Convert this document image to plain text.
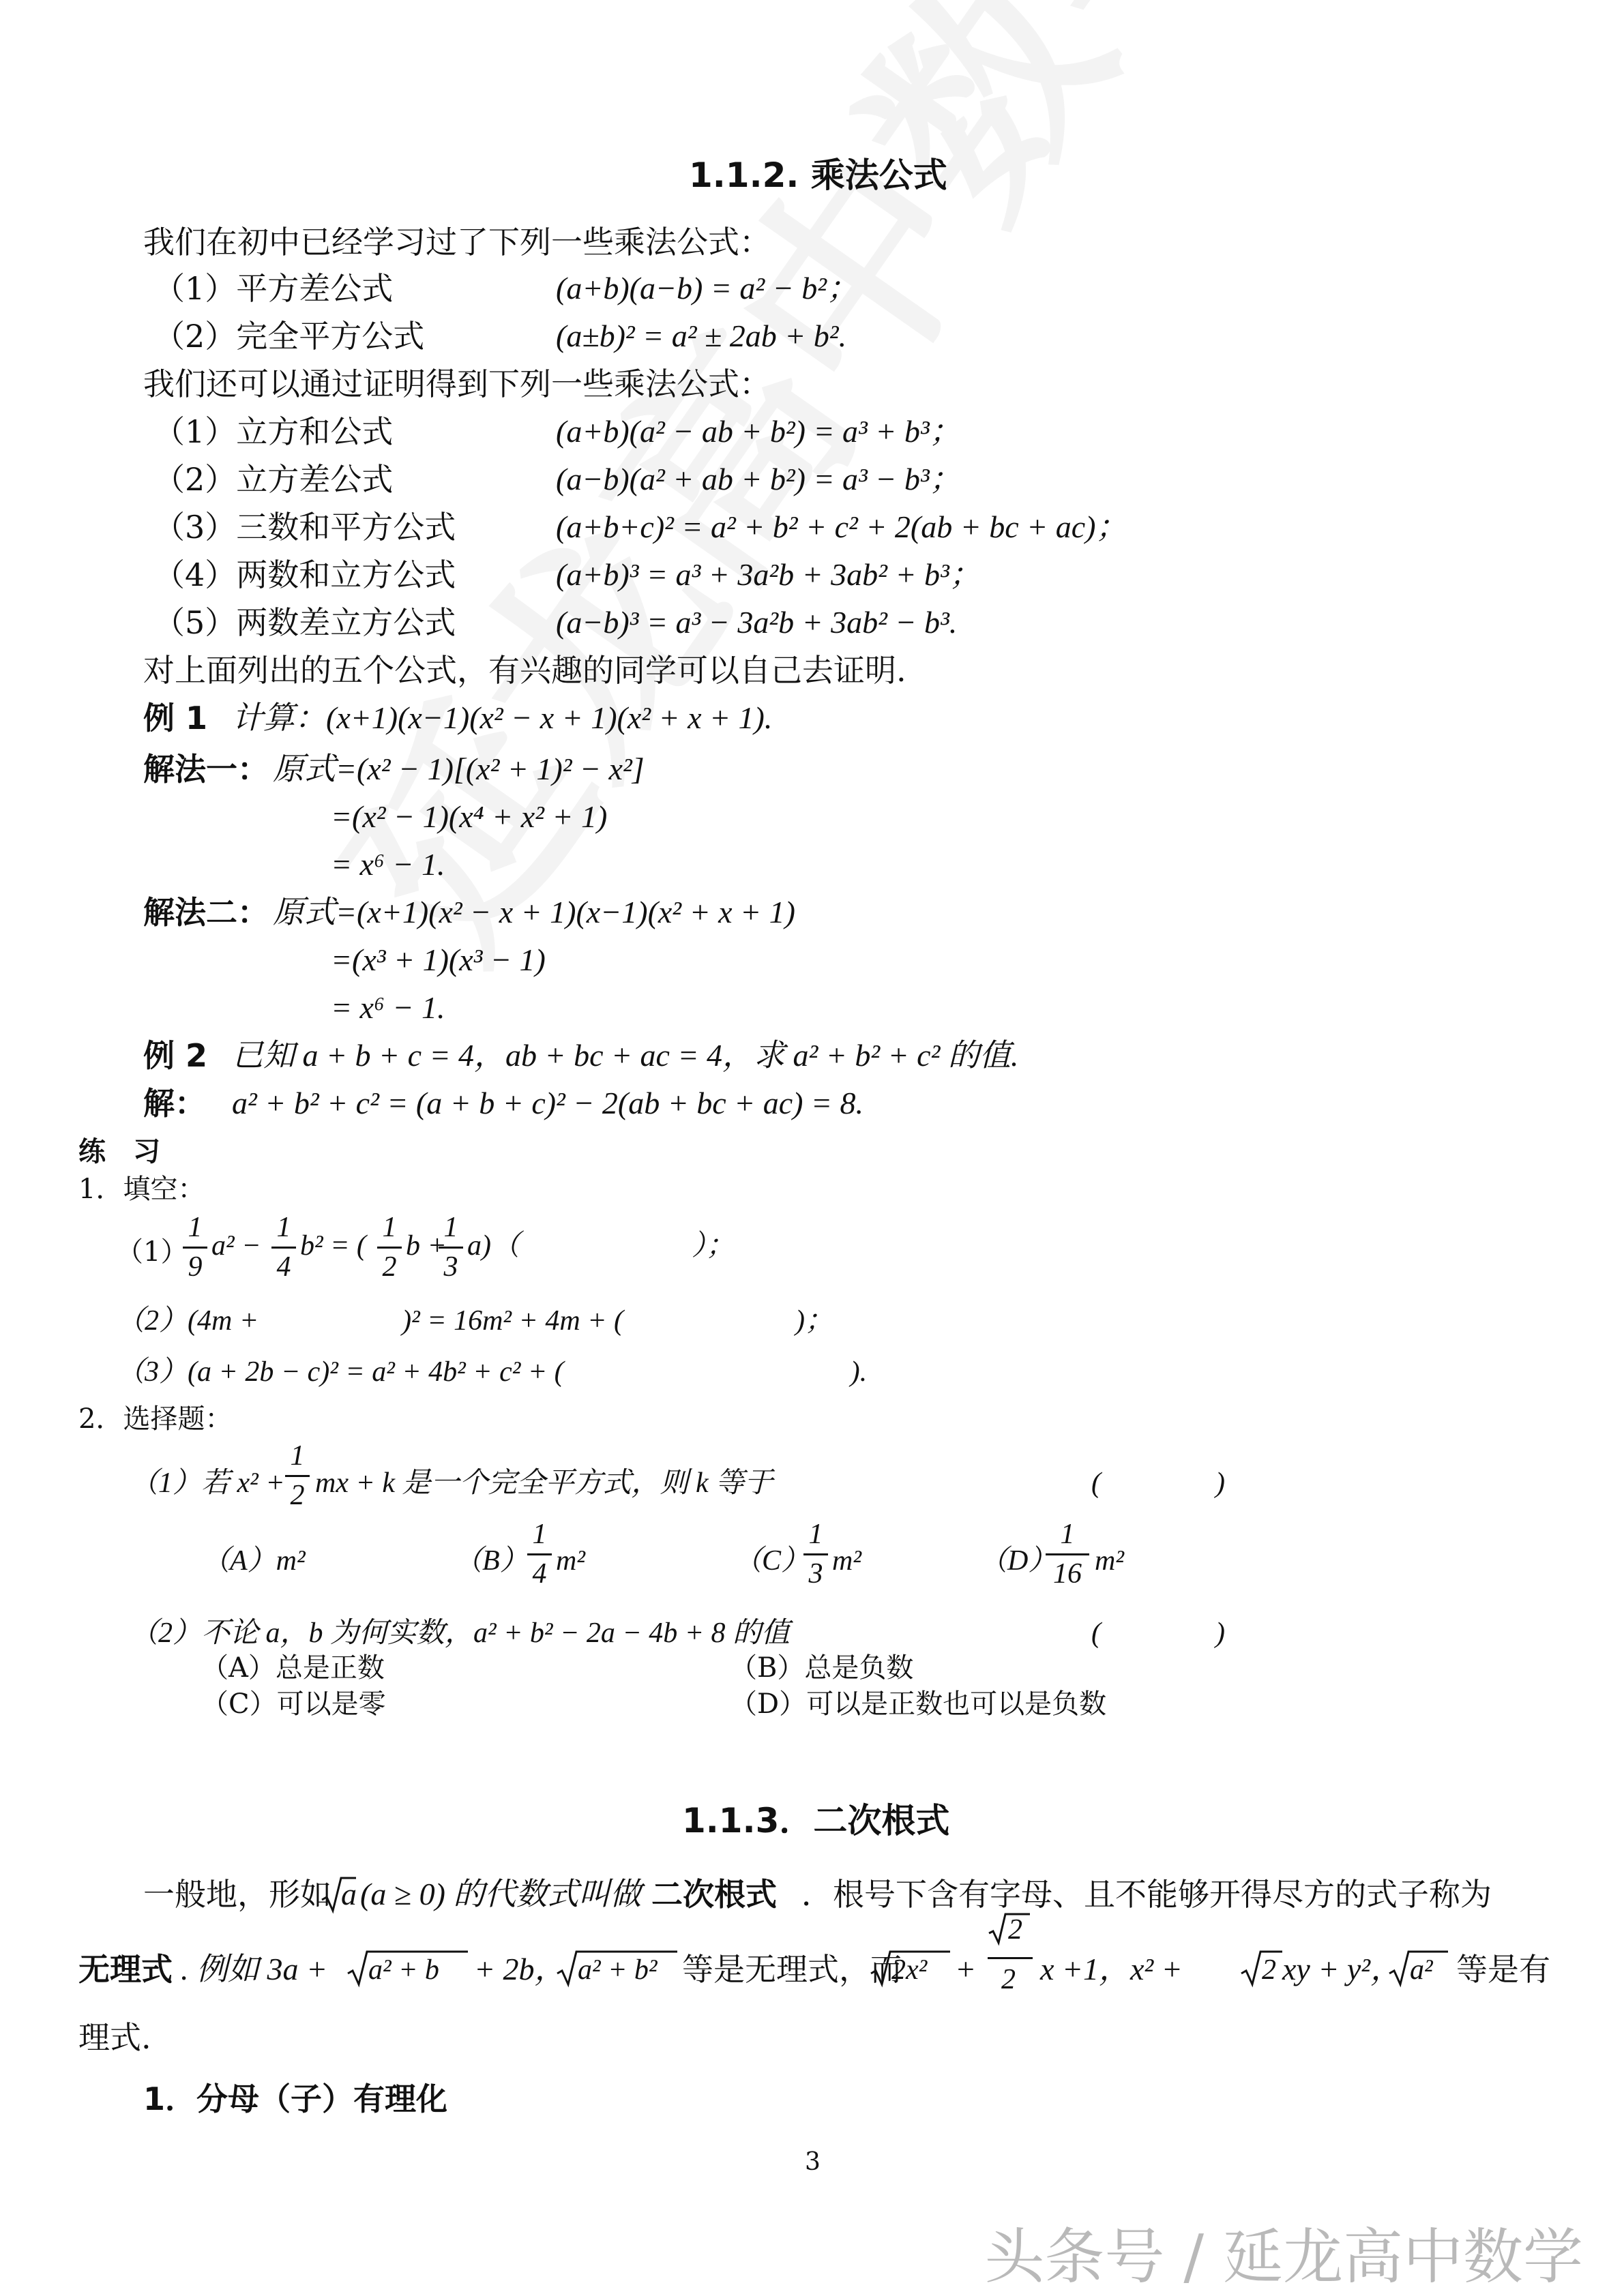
头条号 / 延龙高中数学
1.1.2. 乘法公式
我们在初中已经学习过了下列一些乘法公式：
（1）平方差公式	(a+b)(a−b) = a² − b²；
（2）完全平方公式	(a±b)² = a² ± 2ab + b².
我们还可以通过证明得到下列一些乘法公式：
（1）立方和公式	(a+b)(a² − ab + b²) = a³ + b³；
（2）立方差公式	(a−b)(a² + ab + b²) = a³ − b³；
（3）三数和平方公式	(a+b+c)² = a² + b² + c² + 2(ab + bc + ac)；
（4）两数和立方公式	(a+b)³ = a³ + 3a²b + 3ab² + b³；
（5）两数差立方公式	(a−b)³ = a³ − 3a²b + 3ab² − b³.
对上面列出的五个公式，有兴趣的同学可以自己去证明.
例 1 计算：(x+1)(x−1)(x² − x + 1)(x² + x + 1).
解法一： 原式=(x² − 1)[(x² + 1)² − x²]
=(x² − 1)(x⁴ + x² + 1)
= x⁶ − 1.
解法二： 原式=(x+1)(x² − x + 1)(x−1)(x² + x + 1)
=(x³ + 1)(x³ − 1)
= x⁶ − 1.
例 2 已知 a + b + c = 4，ab + bc + ac = 4，求 a² + b² + c² 的值.
解： a² + b² + c² = (a + b + c)² − 2(ab + bc + ac) = 8.
练　习
1．填空：
（1）
1
9
a² −
1
4
b² = (
1
2
b +
1
3
a)（　　　　　　）；
（2）(4m +　　　　　)² = 16m² + 4m + (　　　　　　)；
（3）(a + 2b − c)² = a² + 4b² + c² + (　　　　　　　　　　).
2．选择题：
（1）若 x² +
1
2 mx + k 是一个完全平方式，则 k 等于	(　　　　)
（A）m²	（B）
1
4 m²	（C）
1
3 m²	（D）
1
16 m²
（2）不论 a，b 为何实数，a² + b² − 2a − 4b + 8 的值	(　　　　)
（A）总是正数	（B）总是负数
（C）可以是零	（D）可以是正数也可以是负数
1.1.3．二次根式
一般地，形如 a (a ≥ 0) 的代数式叫做 二次根式 ．根号下含有字母、且不能够开得尽方的式子称为
无理式 . 例如 3a + a² + b + 2b， a² + b² 等是无理式，而
2x² +
2
2 x +1，x² +	2 xy + y²， a² 等是有
理式.
1．分母（子）有理化
3
